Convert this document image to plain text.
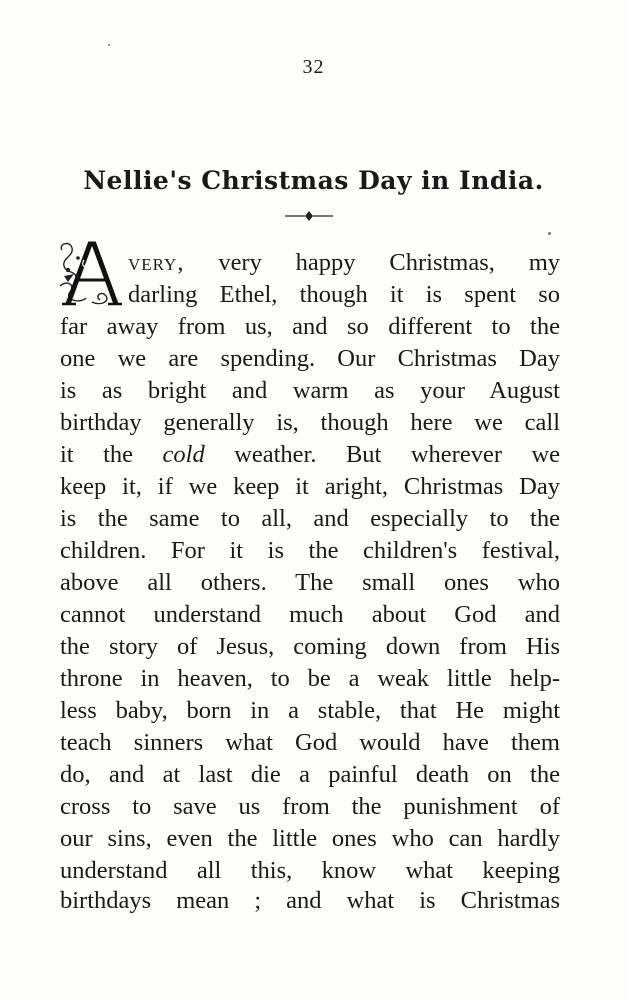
32
Nellie's Christmas Day in India.
very, very happy Christmas, my
darling Ethel, though it is spent so
far away from us, and so different to the
one we are spending. Our Christmas Day
is as bright and warm as your August
birthday generally is, though here we call
it the cold weather. But wherever we
keep it, if we keep it aright, Christmas Day
is the same to all, and especially to the
children. For it is the children's festival,
above all others. The small ones who
cannot understand much about God and
the story of Jesus, coming down from His
throne in heaven, to be a weak little help-
less baby, born in a stable, that He might
teach sinners what God would have them
do, and at last die a painful death on the
cross to save us from the punishment of
our sins, even the little ones who can hardly
understand all this, know what keeping
birthdays mean ; and what is Christmas
